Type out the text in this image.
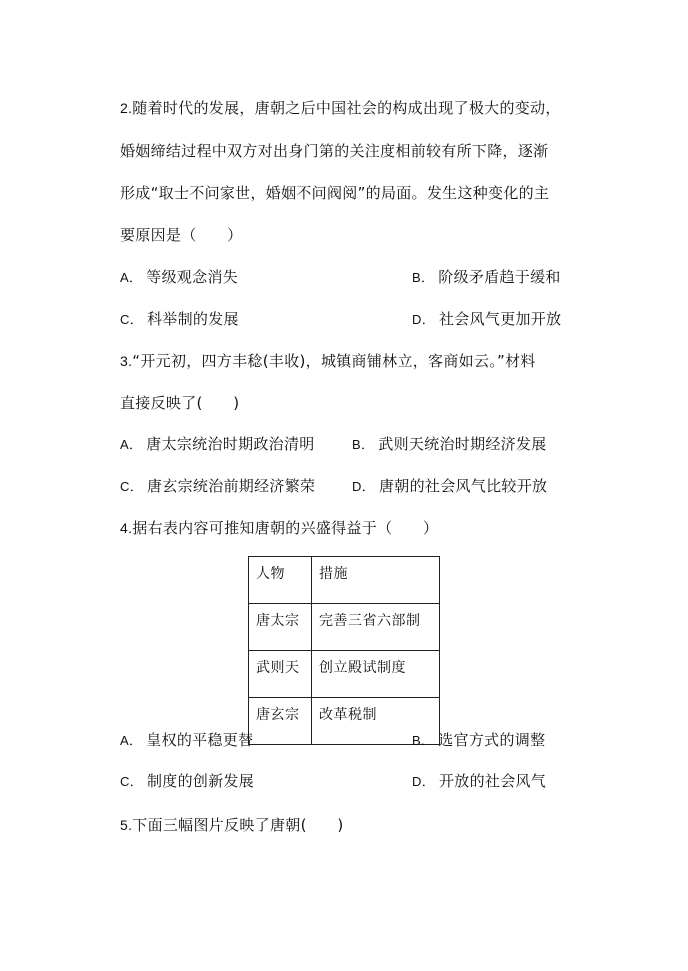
2.随着时代的发展，唐朝之后中国社会的构成出现了极大的变动，
婚姻缔结过程中双方对出身门第的关注度相前较有所下降，逐渐
形成“取士不问家世，婚姻不问阀阅”的局面。发生这种变化的主
要原因是（　　）
A． 等级观念消失	B． 阶级矛盾趋于缓和
C． 科举制的发展	D． 社会风气更加开放
3.“开元初，四方丰稔(丰收)，城镇商铺林立，客商如云。”材料
直接反映了(　　)
A． 唐太宗统治时期政治清明	B． 武则天统治时期经济发展
C． 唐玄宗统治前期经济繁荣	D． 唐朝的社会风气比较开放
4.据右表内容可推知唐朝的兴盛得益于（　　）
人物	措施
唐太宗	完善三省六部制
武则天	创立殿试制度
唐玄宗	改革税制
A． 皇权的平稳更替	B． 选官方式的调整
C． 制度的创新发展	D． 开放的社会风气
5.下面三幅图片反映了唐朝(　　)
